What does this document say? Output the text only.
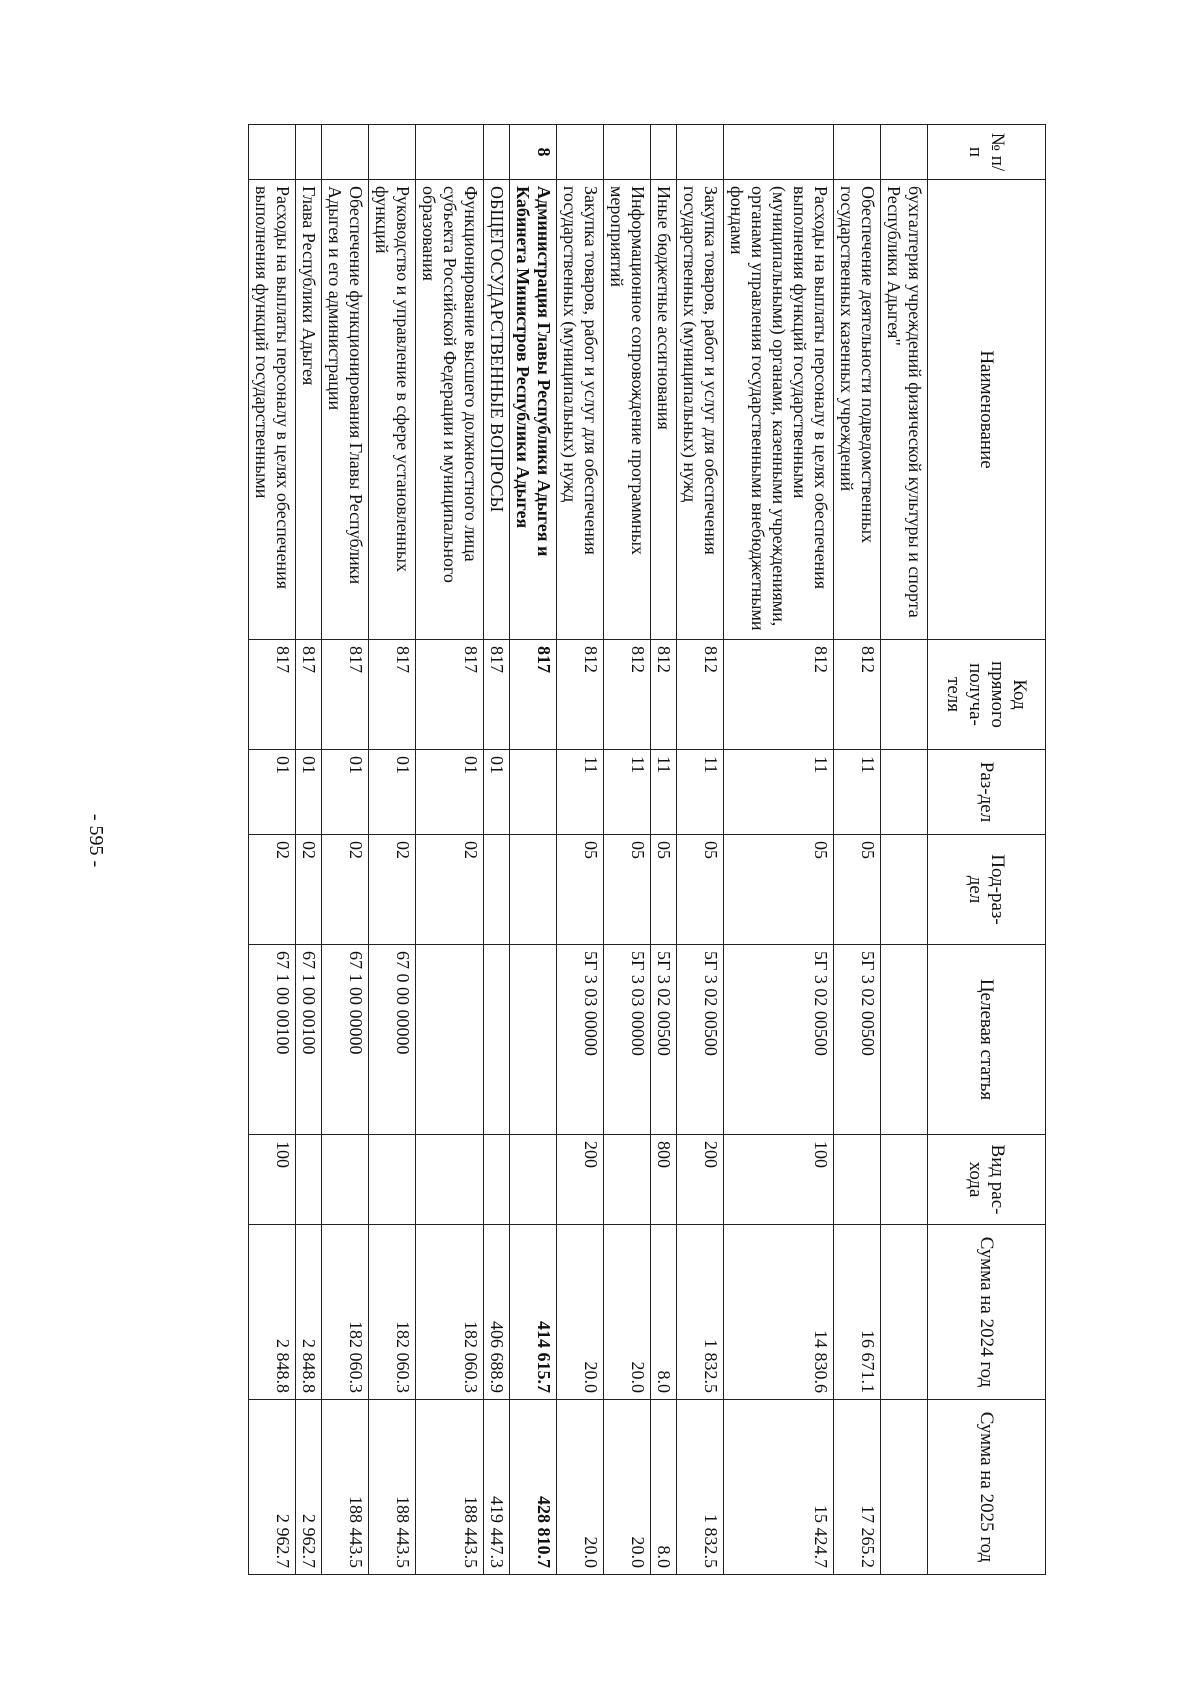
- 595 -
№ п/п	Наименование	Код прямого получа-теля	Раз-дел	Под-раз-дел	Целевая статья	Вид рас-хода	Сумма на 2024 год	Сумма на 2025 год
	бухгалтерия учреждений физической культуры и спорта Республики Адыгея"							
	Обеспечение деятельности подведомственных государственных казенных учреждений	812	11	05	5Г 3 02 00500		16 671.1	17 265.2
	Расходы на выплаты персоналу в целях обеспечения выполнения функций государственными (муниципальными) органами, казенными учреждениями, органами управления государственными внебюджетными фондами	812	11	05	5Г 3 02 00500	100	14 830.6	15 424.7
	Закупка товаров, работ и услуг для обеспечения государственных (муниципальных) нужд	812	11	05	5Г 3 02 00500	200	1 832.5	1 832.5
	Иные бюджетные ассигнования	812	11	05	5Г 3 02 00500	800	8.0	8.0
	Информационное сопровождение программных мероприятий	812	11	05	5Г 3 03 00000		20.0	20.0
	Закупка товаров, работ и услуг для обеспечения государственных (муниципальных) нужд	812	11	05	5Г 3 03 00000	200	20.0	20.0
8	Администрация Главы Республики Адыгея и Кабинета Министров Республики Адыгея	817					414 615.7	428 810.7
	ОБЩЕГОСУДАРСТВЕННЫЕ ВОПРОСЫ	817	01				406 688.9	419 447.3
	Функционирование высшего должностного лица субъекта Российской Федерации и муниципального образования	817	01	02			182 060.3	188 443.5
	Руководство и управление в сфере установленных функций	817	01	02	67 0 00 00000		182 060.3	188 443.5
	Обеспечение функционирования Главы Республики Адыгея и его администрации	817	01	02	67 1 00 00000		182 060.3	188 443.5
	Глава Республики Адыгея	817	01	02	67 1 00 00100		2 848.8	2 962.7
	Расходы на выплаты персоналу в целях обеспечения выполнения функций государственными	817	01	02	67 1 00 00100	100	2 848.8	2 962.7
